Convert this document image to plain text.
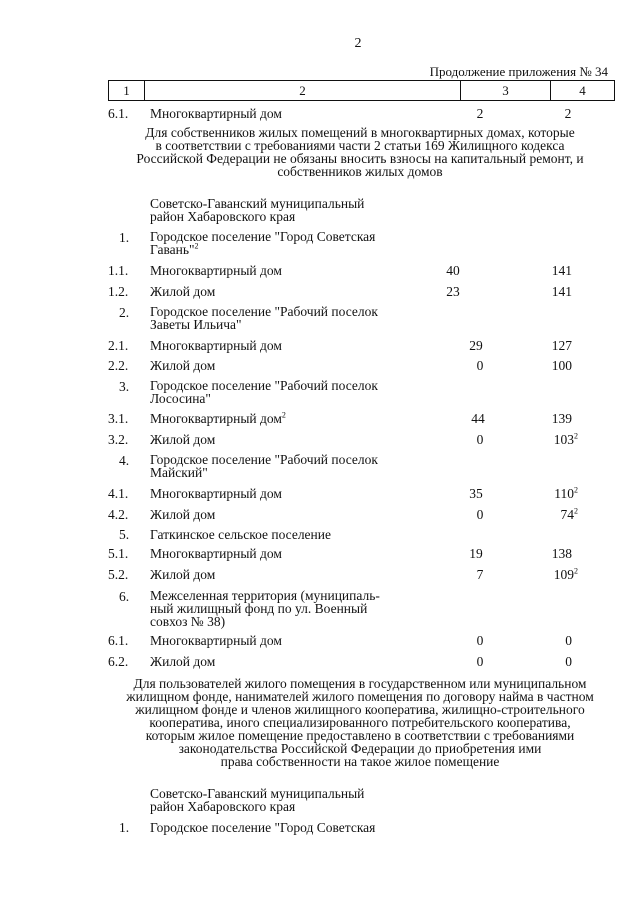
2
Продолжение приложения № 34
1	2	3	4
6.1.	Многоквартирный дом	2	2
Для собственников жилых помещений в многоквартирных домах, которые
в соответствии с требованиями части 2 статьи 169 Жилищного кодекса
Российской Федерации не обязаны вносить взносы на капитальный ремонт, и
собственников жилых домов
Советско-Гаванский муниципальный
район Хабаровского края
1.	Городское поселение "Город Советская
Гавань"$^2$
1.1.	Многоквартирный дом	40	141
1.2.	Жилой дом	23	141
2.	Городское поселение "Рабочий поселок
Заветы Ильича"
2.1.	Многоквартирный дом	29	127
2.2.	Жилой дом	0	100
3.	Городское поселение "Рабочий поселок
Лососина"
3.1.	Многоквартирный дом$^2$	44	139
3.2.	Жилой дом	0	$103^2$
4.	Городское поселение "Рабочий поселок
Майский"
4.1.	Многоквартирный дом	35	$110^2$
4.2.	Жилой дом	0	$74^2$
5.	Гаткинское сельское поселение
5.1.	Многоквартирный дом	19	138
5.2.	Жилой дом	7	$109^2$
6.	Межселенная территория (муниципаль-
ный жилищный фонд по ул. Военный
совхоз № 38)
6.1.	Многоквартирный дом	0	0
6.2.	Жилой дом	0	0
Для пользователей жилого помещения в государственном или муниципальном
жилищном фонде, нанимателей жилого помещения по договору найма в частном
жилищном фонде и членов жилищного кооператива, жилищно-строительного
кооператива, иного специализированного потребительского кооператива,
которым жилое помещение предоставлено в соответствии с требованиями
законодательства Российской Федерации до приобретения ими
права собственности на такое жилое помещение
Советско-Гаванский муниципальный
район Хабаровского края
1.	Городское поселение "Город Советская
